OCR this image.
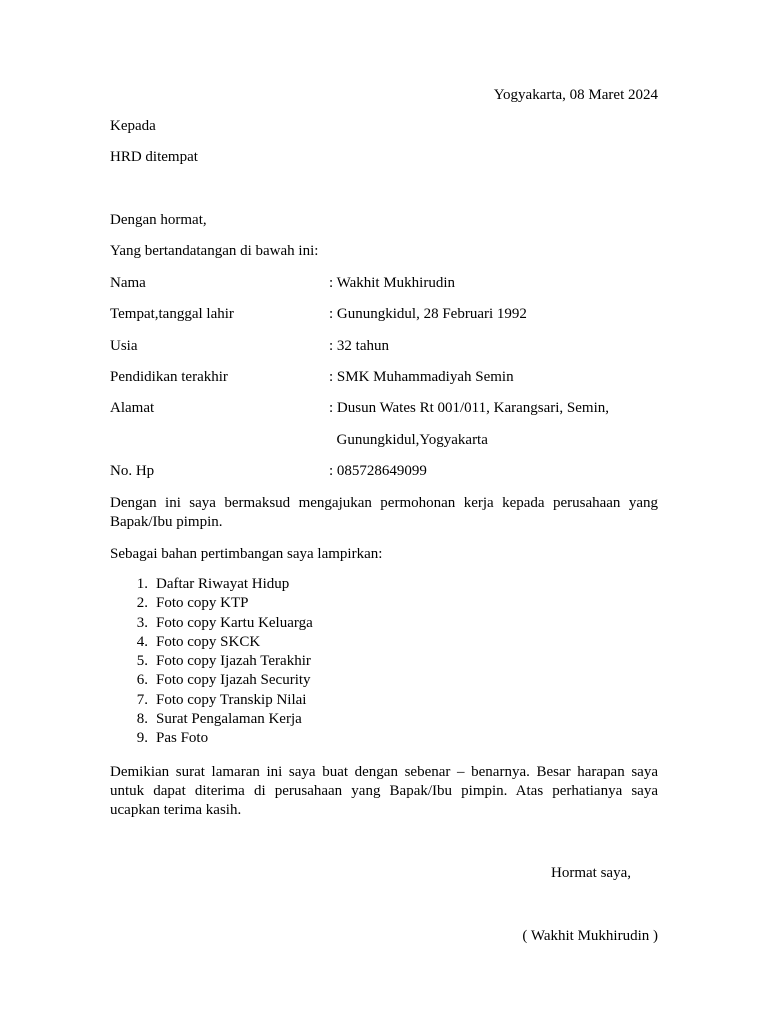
Yogyakarta, 08 Maret 2024
Kepada
HRD ditempat
Dengan hormat,
Yang bertandatangan di bawah ini:
Nama	: Wakhit Mukhirudin
Tempat,tanggal lahir	: Gunungkidul, 28 Februari 1992
Usia	: 32 tahun
Pendidikan terakhir	: SMK Muhammadiyah Semin
Alamat	: Dusun Wates Rt 001/011, Karangsari, Semin,
Gunungkidul,Yogyakarta
No. Hp	: 085728649099
Dengan ini saya bermaksud mengajukan permohonan kerja kepada perusahaan yang Bapak/Ibu pimpin.
Sebagai bahan pertimbangan saya lampirkan:
1. Daftar Riwayat Hidup
2. Foto copy KTP
3. Foto copy Kartu Keluarga
4. Foto copy SKCK
5. Foto copy Ijazah Terakhir
6. Foto copy Ijazah Security
7. Foto copy Transkip Nilai
8. Surat Pengalaman Kerja
9. Pas Foto
Demikian surat lamaran ini saya buat dengan sebenar – benarnya. Besar harapan saya untuk dapat diterima di perusahaan yang Bapak/Ibu pimpin. Atas perhatianya saya ucapkan terima kasih.
Hormat saya,
( Wakhit Mukhirudin )
